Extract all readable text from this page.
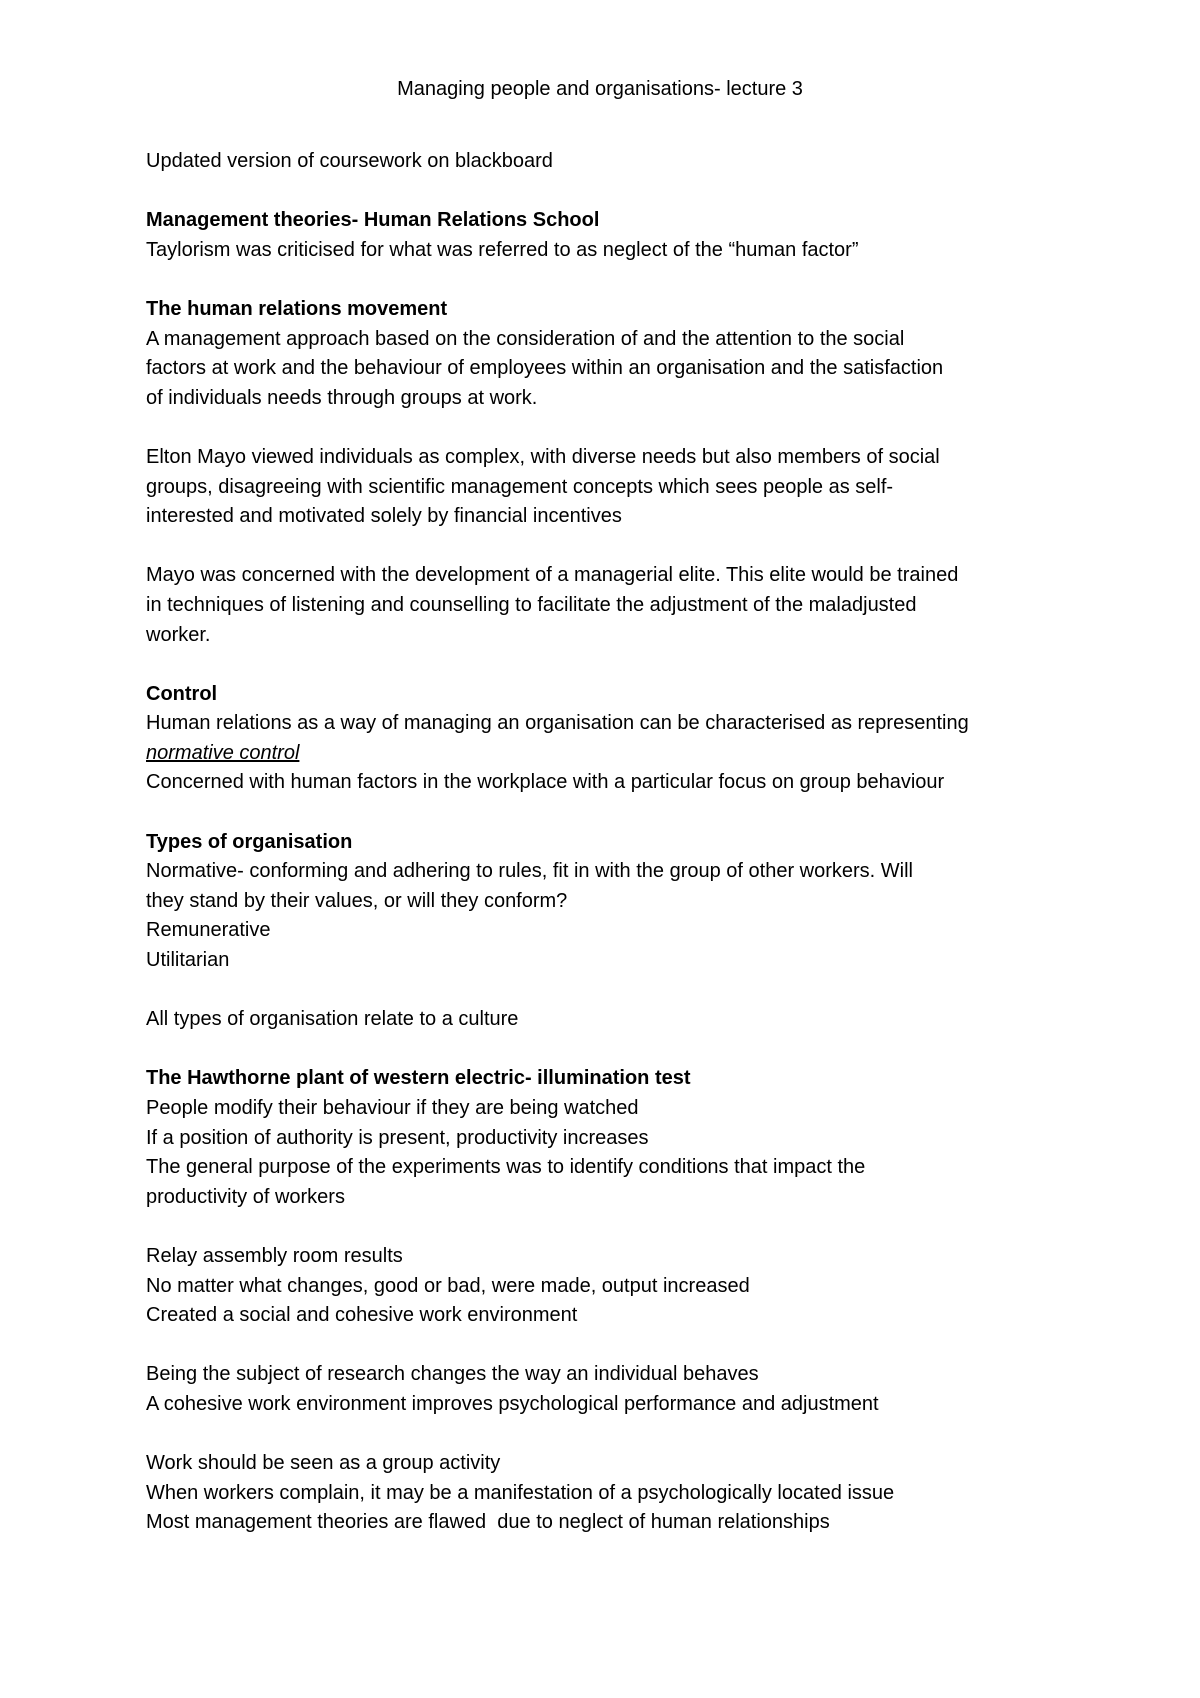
Managing people and organisations- lecture 3
Updated version of coursework on blackboard
Management theories- Human Relations School
Taylorism was criticised for what was referred to as neglect of the “human factor”
The human relations movement
A management approach based on the consideration of and the attention to the social
factors at work and the behaviour of employees within an organisation and the satisfaction
of individuals needs through groups at work.
Elton Mayo viewed individuals as complex, with diverse needs but also members of social
groups, disagreeing with scientific management concepts which sees people as self-
interested and motivated solely by financial incentives
Mayo was concerned with the development of a managerial elite. This elite would be trained
in techniques of listening and counselling to facilitate the adjustment of the maladjusted
worker.
Control
Human relations as a way of managing an organisation can be characterised as representing
normative control
Concerned with human factors in the workplace with a particular focus on group behaviour
Types of organisation
Normative- conforming and adhering to rules, fit in with the group of other workers. Will
they stand by their values, or will they conform?
Remunerative
Utilitarian
All types of organisation relate to a culture
The Hawthorne plant of western electric- illumination test
People modify their behaviour if they are being watched
If a position of authority is present, productivity increases
The general purpose of the experiments was to identify conditions that impact the
productivity of workers
Relay assembly room results
No matter what changes, good or bad, were made, output increased
Created a social and cohesive work environment
Being the subject of research changes the way an individual behaves
A cohesive work environment improves psychological performance and adjustment
Work should be seen as a group activity
When workers complain, it may be a manifestation of a psychologically located issue
Most management theories are flawed  due to neglect of human relationships
